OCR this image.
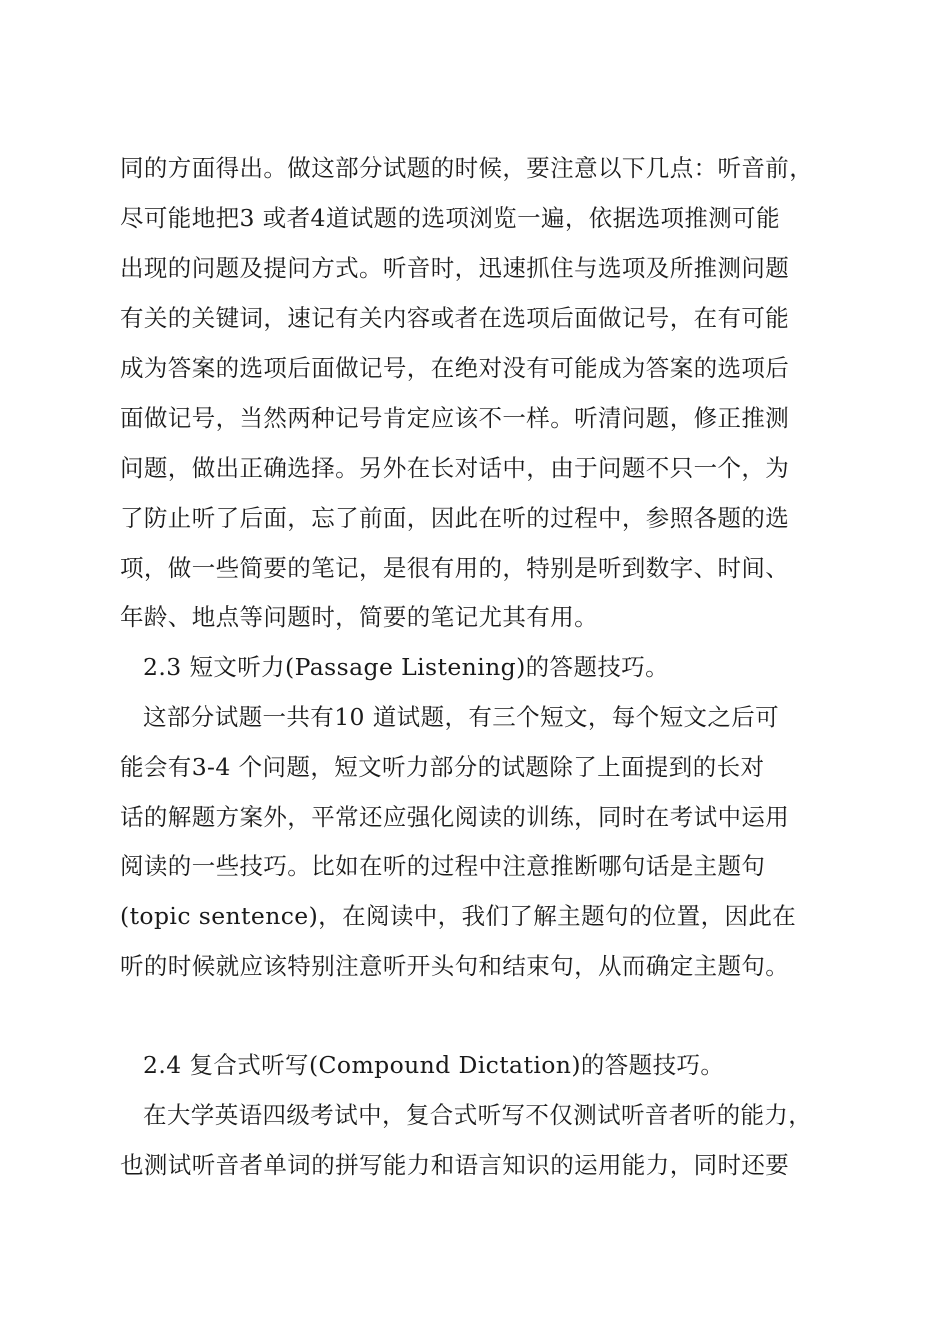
同的方面得出。做这部分试题的时候，要注意以下几点：听音前，
尽可能地把3 或者4道试题的选项浏览一遍，依据选项推测可能
出现的问题及提问方式。听音时，迅速抓住与选项及所推测问题
有关的关键词，速记有关内容或者在选项后面做记号，在有可能
成为答案的选项后面做记号，在绝对没有可能成为答案的选项后
面做记号，当然两种记号肯定应该不一样。听清问题，修正推测
问题，做出正确选择。另外在长对话中，由于问题不只一个，为
了防止听了后面，忘了前面，因此在听的过程中，参照各题的选
项，做一些简要的笔记，是很有用的，特别是听到数字、时间、
年龄、地点等问题时，简要的笔记尤其有用。
2.3 短文听力(Passage Listening)的答题技巧。
这部分试题一共有10 道试题，有三个短文，每个短文之后可
能会有3-4 个问题，短文听力部分的试题除了上面提到的长对
话的解题方案外，平常还应强化阅读的训练，同时在考试中运用
阅读的一些技巧。比如在听的过程中注意推断哪句话是主题句
(topic sentence)，在阅读中，我们了解主题句的位置，因此在
听的时候就应该特别注意听开头句和结束句，从而确定主题句。
2.4 复合式听写(Compound Dictation)的答题技巧。
在大学英语四级考试中，复合式听写不仅测试听音者听的能力，
也测试听音者单词的拼写能力和语言知识的运用能力，同时还要
